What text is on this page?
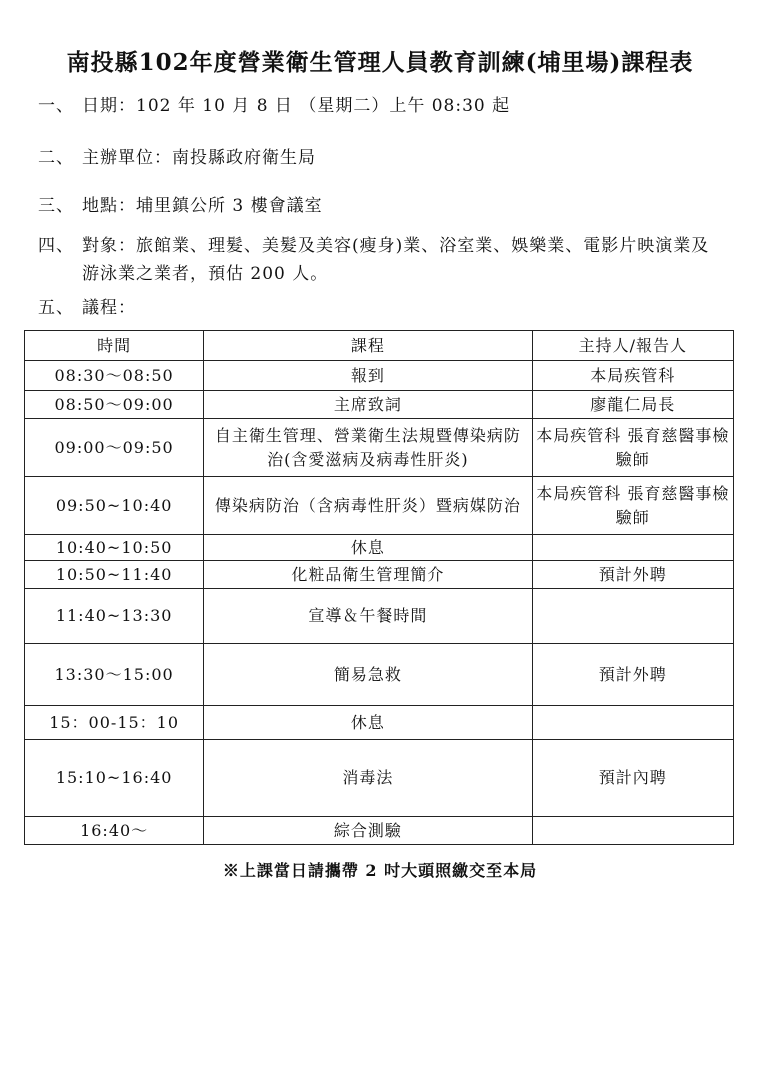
南投縣102年度營業衛生管理人員教育訓練(埔里場)課程表
一、 日期：102 年 10 月 8 日 （星期二）上午 08:30 起
二、 主辦單位：南投縣政府衛生局
三、 地點：埔里鎮公所 3 樓會議室
四、 對象：旅館業、理髮、美髮及美容(瘦身)業、浴室業、娛樂業、電影片映演業及游泳業之業者，預估 200 人。
五、 議程：
時間	課程	主持人/報告人
08:30～08:50	報到	本局疾管科
08:50～09:00	主席致詞	廖龍仁局長
09:00～09:50	自主衛生管理、營業衛生法規暨傳染病防治(含愛滋病及病毒性肝炎)	本局疾管科 張育慈醫事檢驗師
09:50~10:40	傳染病防治（含病毒性肝炎）暨病媒防治	本局疾管科 張育慈醫事檢驗師
10:40~10:50	休息	
10:50~11:40	化粧品衛生管理簡介	預計外聘
11:40~13:30	宣導＆午餐時間	
13:30～15:00	簡易急救	預計外聘
15：00-15：10	休息	
15:10~16:40	消毒法	預計內聘
16:40～	綜合測驗	
※上課當日請攜帶 2 吋大頭照繳交至本局
